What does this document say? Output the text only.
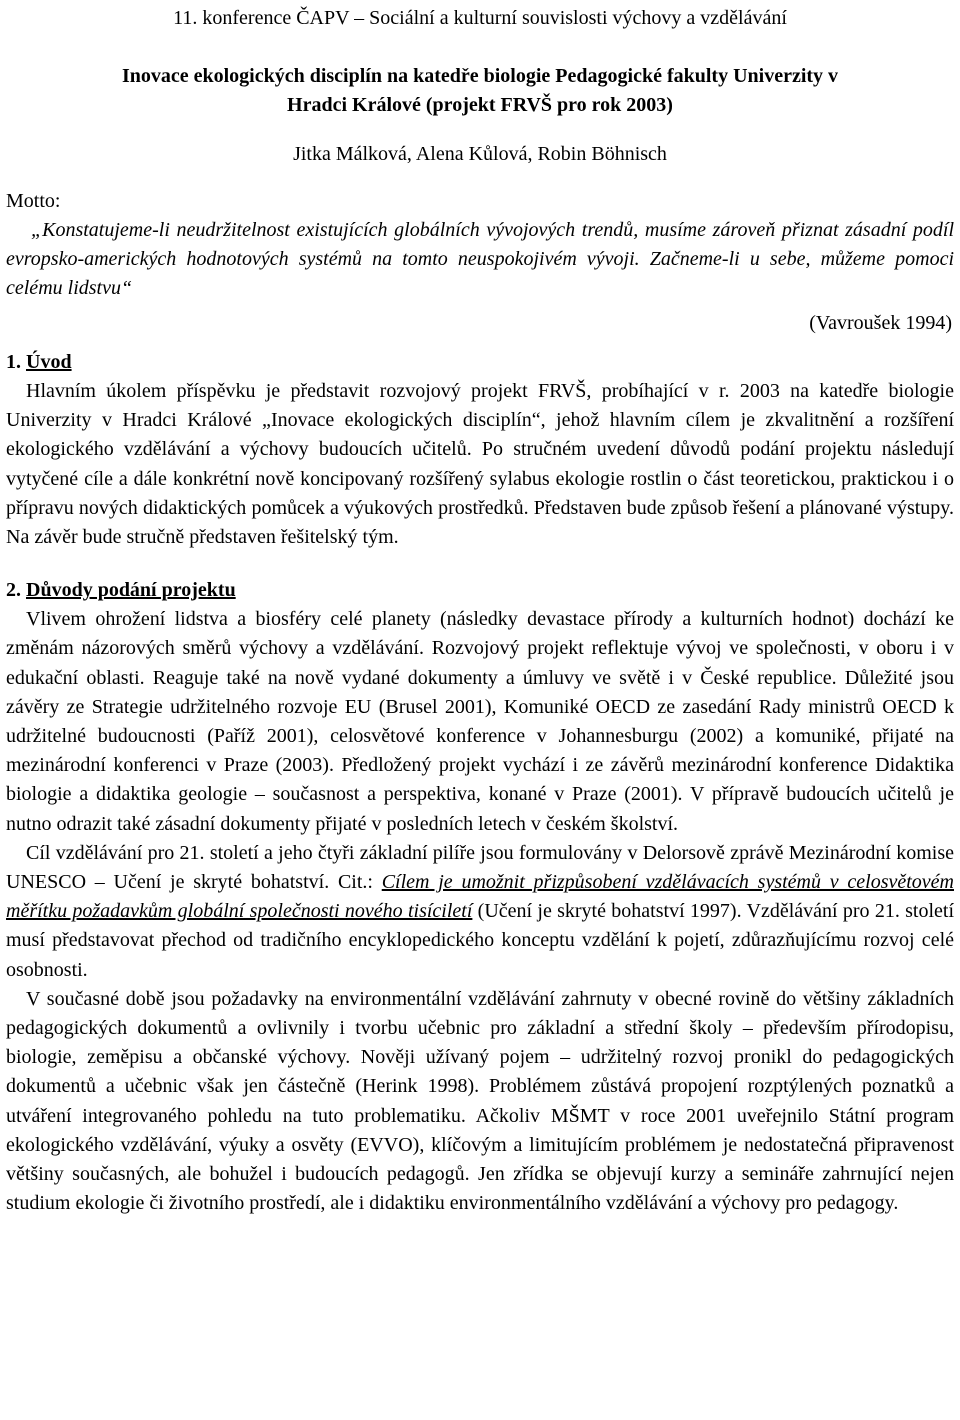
11. konference ČAPV – Sociální a kulturní souvislosti výchovy a vzdělávání
Inovace ekologických disciplín na katedře biologie Pedagogické fakulty Univerzity v
Hradci Králové (projekt FRVŠ pro rok 2003)
Jitka Málková, Alena Kůlová, Robin Böhnisch
Motto:

„Konstatujeme-li neudržitelnost existujících globálních vývojových trendů, musíme zároveň přiznat zásadní podíl evropsko-amerických hodnotových systémů na tomto neuspokojivém vývoji. Začneme-li u sebe, můžeme pomoci celému lidstvu“

(Vavroušek 1994)
1. Úvod

Hlavním úkolem příspěvku je představit rozvojový projekt FRVŠ, probíhající v r. 2003 na katedře biologie Univerzity v Hradci Králové „Inovace ekologických disciplín“, jehož hlavním cílem je zkvalitnění a rozšíření ekologického vzdělávání a výchovy budoucích učitelů. Po stručném uvedení důvodů podání projektu následují vytyčené cíle a dále konkrétní nově koncipovaný rozšířený sylabus ekologie rostlin o část teoretickou, praktickou i o přípravu nových didaktických pomůcek a výukových prostředků. Představen bude způsob řešení a plánované výstupy. Na závěr bude stručně představen řešitelský tým.

2. Důvody podání projektu

Vlivem ohrožení lidstva a biosféry celé planety (následky devastace přírody a kulturních hodnot) dochází ke změnám názorových směrů výchovy a vzdělávání. Rozvojový projekt reflektuje vývoj ve společnosti, v oboru i v edukační oblasti. Reaguje také na nově vydané dokumenty a úmluvy ve světě i v České republice. Důležité jsou závěry ze Strategie udržitelného rozvoje EU (Brusel 2001), Komuniké OECD ze zasedání Rady ministrů OECD k udržitelné budoucnosti (Paříž 2001), celosvětové konference v Johannesburgu (2002) a komuniké, přijaté na mezinárodní konferenci v Praze (2003). Předložený projekt vychází i ze závěrů mezinárodní konference Didaktika biologie a didaktika geologie – současnost a perspektiva, konané v Praze (2001). V přípravě budoucích učitelů je nutno odrazit také zásadní dokumenty přijaté v posledních letech v českém školství.

Cíl vzdělávání pro 21. století a jeho čtyři základní pilíře jsou formulovány v Delorsově zprávě Mezinárodní komise UNESCO – Učení je skryté bohatství. Cit.: Cílem je umožnit přizpůsobení vzdělávacích systémů v celosvětovém měřítku požadavkům globální společnosti nového tisíciletí (Učení je skryté bohatství 1997). Vzdělávání pro 21. století musí představovat přechod od tradičního encyklopedického konceptu vzdělání k pojetí, zdůrazňujícímu rozvoj celé osobnosti.

V současné době jsou požadavky na environmentální vzdělávání zahrnuty v obecné rovině do většiny základních pedagogických dokumentů a ovlivnily i tvorbu učebnic pro základní a střední školy – především přírodopisu, biologie, zeměpisu a občanské výchovy. Nověji užívaný pojem – udržitelný rozvoj pronikl do pedagogických dokumentů a učebnic však jen částečně (Herink 1998). Problémem zůstává propojení rozptýlených poznatků a utváření integrovaného pohledu na tuto problematiku. Ačkoliv MŠMT v roce 2001 uveřejnilo Státní program ekologického vzdělávání, výuky a osvěty (EVVO), klíčovým a limitujícím problémem je nedostatečná připravenost většiny současných, ale bohužel i budoucích pedagogů. Jen zřídka se objevují kurzy a semináře zahrnující nejen studium ekologie či životního prostředí, ale i didaktiku environmentálního vzdělávání a výchovy pro pedagogy.
